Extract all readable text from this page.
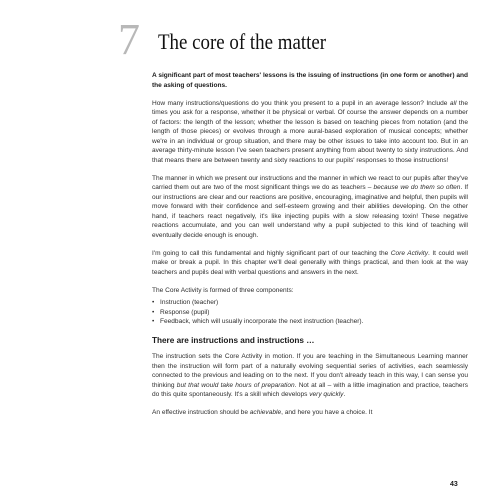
7 The core of the matter

A significant part of most teachers' lessons is the issuing of instructions (in one form or another) and the asking of questions.

How many instructions/questions do you think you present to a pupil in an average lesson? Include all the times you ask for a response, whether it be physical or verbal. Of course the answer depends on a number of factors: the length of the lesson; whether the lesson is based on teaching pieces from notation (and the length of those pieces) or evolves through a more aural-based exploration of musical concepts; whether we're in an individual or group situation, and there may be other issues to take into account too. But in an average thirty-minute lesson I've seen teachers present anything from about twenty to sixty instructions. And that means there are between twenty and sixty reactions to our pupils' responses to those instructions!

The manner in which we present our instructions and the manner in which we react to our pupils after they've carried them out are two of the most significant things we do as teachers – because we do them so often. If our instructions are clear and our reactions are positive, encouraging, imaginative and helpful, then pupils will move forward with their confidence and self-esteem growing and their abilities developing. On the other hand, if teachers react negatively, it's like injecting pupils with a slow releasing toxin! These negative reactions accumulate, and you can well understand why a pupil subjected to this kind of teaching will eventually decide enough is enough.

I'm going to call this fundamental and highly significant part of our teaching the Core Activity. It could well make or break a pupil. In this chapter we'll deal generally with things practical, and then look at the way teachers and pupils deal with verbal questions and answers in the next.

The Core Activity is formed of three components:

• Instruction (teacher)
• Response (pupil)
• Feedback, which will usually incorporate the next instruction (teacher).
There are instructions and instructions …

The instruction sets the Core Activity in motion. If you are teaching in the Simultaneous Learning manner then the instruction will form part of a naturally evolving sequential series of activities, each seamlessly connected to the previous and leading on to the next. If you don't already teach in this way, I can sense you thinking but that would take hours of preparation. Not at all – with a little imagination and practice, teachers do this quite spontaneously. It's a skill which develops very quickly.

An effective instruction should be achievable, and here you have a choice. It

43
